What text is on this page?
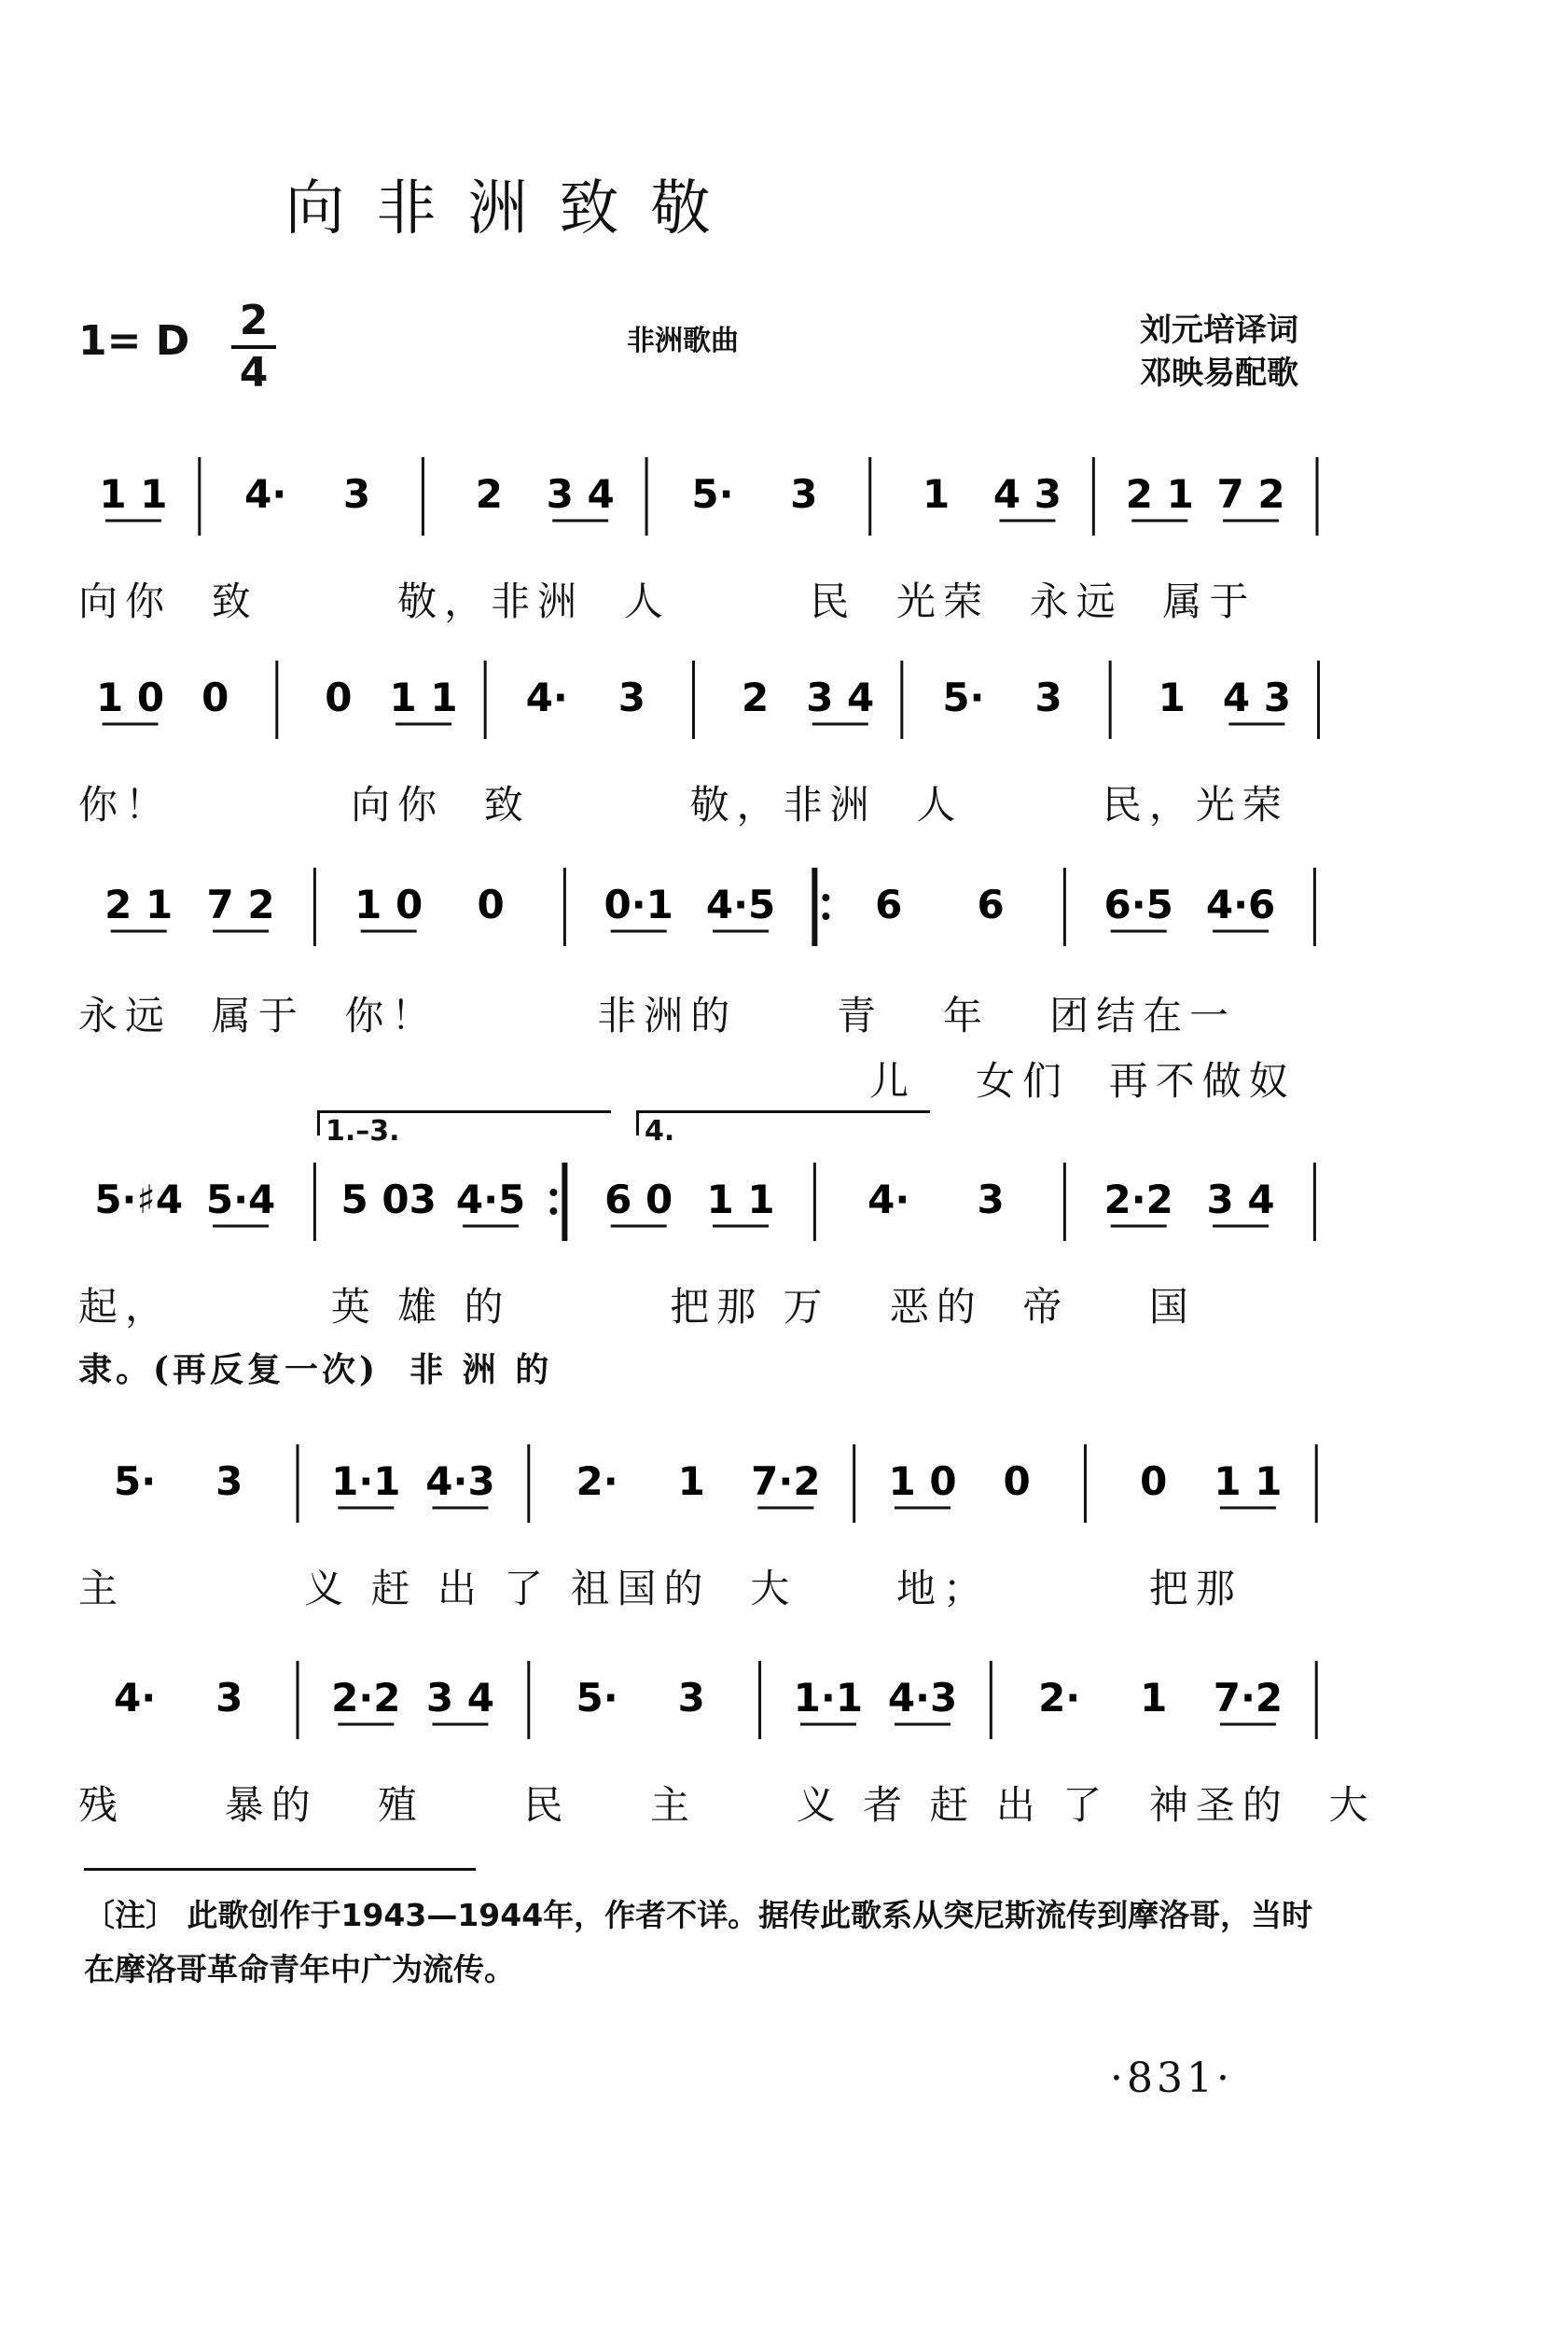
向非洲致敬
1= D 2
4
非洲歌曲	刘元培译词
邓映易配歌
1 1 4· 3	2 3 4 5· 3	1 4 3 2 1 7 2
向你  致       敬，非洲  人       民  光荣  永远  属于
1 0 0 0 1 1 4· 3 2 3 4 5· 3 1 4 3
你！         向你  致        敬，非洲  人       民，光荣
2 1 7 2 1 0 0	0·1 4·5	6 6	6·5 4·6
永远  属于  你！        非洲的     青   年   团结在一
儿   女们  再不做奴
1.–3.	4.
5·♯4 5·4 5 03 4·5 6 0 1 1 4· 3	2·2 3 4
起，        英 雄 的        把那 万   恶的  帝    国
隶。(再反复一次)  非 洲 的
5· 3 1·1 4·3 2· 1 7·2 1 0 0	0 1 1
主         义 赶 出 了 祖国的  大     地；        把那
4· 3 2·2 3 4 5· 3 1·1 4·3 2· 1 7·2
残     暴的   殖     民    主     义 者 赶 出 了  神圣的  大
〔注〕 此歌创作于1943—1944年，作者不详。据传此歌系从突尼斯流传到摩洛哥，当时在摩洛哥革命青年中广为流传。
·831·
